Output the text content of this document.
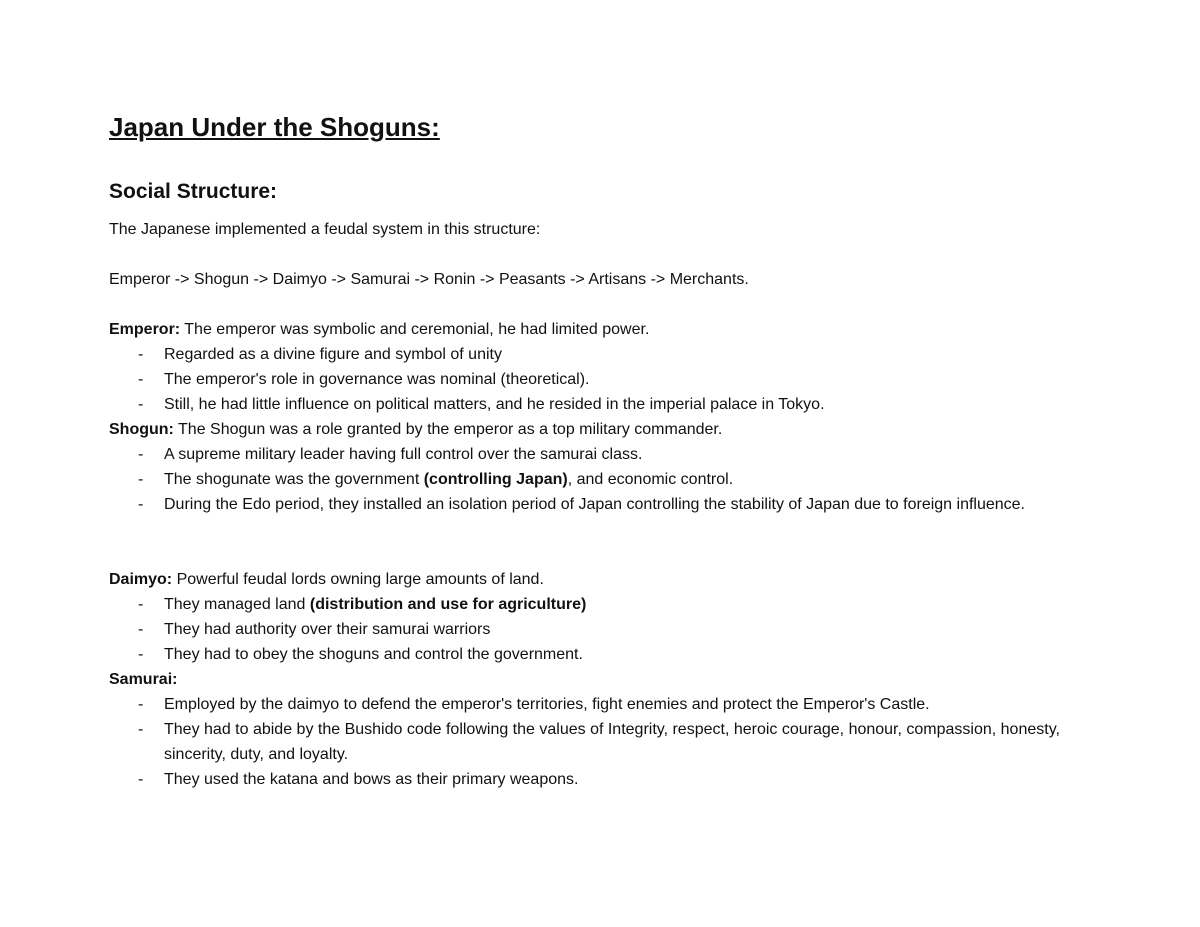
Japan Under the Shoguns:
Social Structure:
The Japanese implemented a feudal system in this structure:
Emperor -> Shogun -> Daimyo -> Samurai -> Ronin -> Peasants -> Artisans -> Merchants.
Emperor: The emperor was symbolic and ceremonial, he had limited power.
- Regarded as a divine figure and symbol of unity
- The emperor's role in governance was nominal (theoretical).
- Still, he had little influence on political matters, and he resided in the imperial palace in Tokyo.
Shogun: The Shogun was a role granted by the emperor as a top military commander.
- A supreme military leader having full control over the samurai class.
- The shogunate was the government (controlling Japan), and economic control.
- During the Edo period, they installed an isolation period of Japan controlling the stability of Japan due to foreign influence.
Daimyo: Powerful feudal lords owning large amounts of land.
- They managed land (distribution and use for agriculture)
- They had authority over their samurai warriors
- They had to obey the shoguns and control the government.
Samurai:
- Employed by the daimyo to defend the emperor's territories, fight enemies and protect the Emperor's Castle.
- They had to abide by the Bushido code following the values of Integrity, respect, heroic courage, honour, compassion, honesty, sincerity, duty, and loyalty.
- They used the katana and bows as their primary weapons.
